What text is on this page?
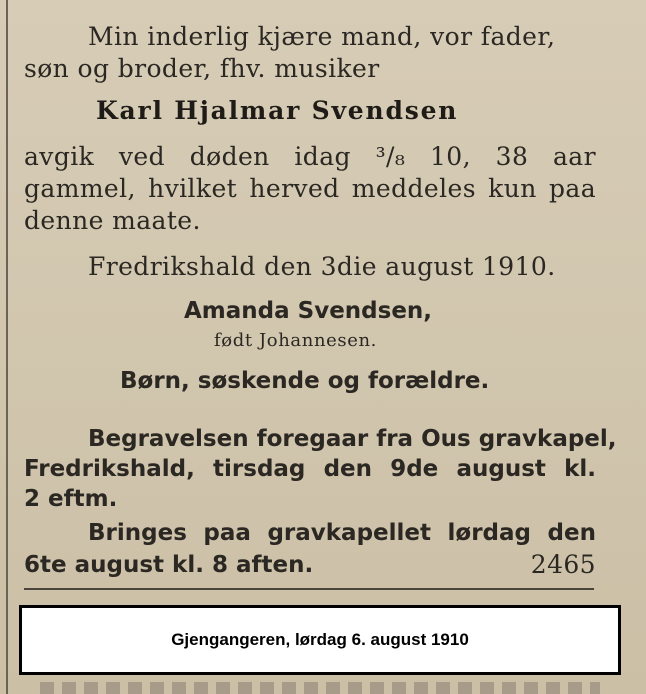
Min inderlig kjære mand, vor fader,
søn og broder, fhv. musiker
Karl Hjalmar Svendsen
avgik ved døden idag ³/₈ 10, 38 aar
gammel, hvilket herved meddeles kun paa
denne maate.
Fredrikshald den 3die august 1910.
Amanda Svendsen,
født Johannesen.
Børn, søskende og forældre.
Begravelsen foregaar fra Ous gravkapel,
Fredrikshald, tirsdag den 9de august kl.
2 eftm.
Bringes paa gravkapellet lørdag den
6te august kl. 8 aften.	2465
Gjengangeren, lørdag 6. august 1910
